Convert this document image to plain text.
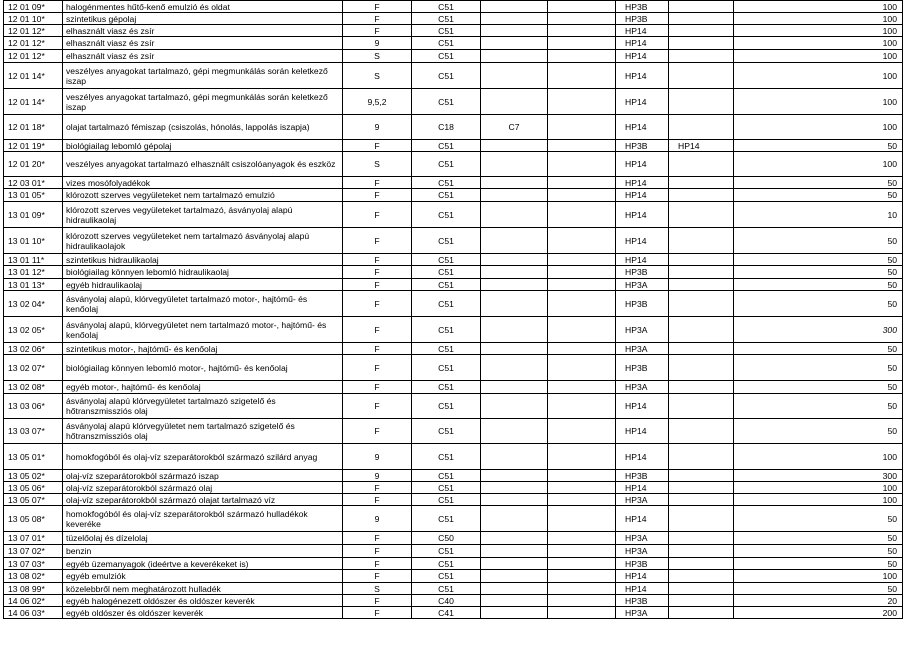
12 01 09*	halogénmentes hűtő-kenő emulzió és oldat	F	C51			HP3B		100
12 01 10*	szintetikus gépolaj	F	C51			HP3B		100
12 01 12*	elhasznált viasz és zsír	F	C51			HP14		100
12 01 12*	elhasznált viasz és zsír	9	C51			HP14		100
12 01 12*	elhasznált viasz és zsír	S	C51			HP14		100
12 01 14*	veszélyes anyagokat tartalmazó, gépi megmunkálás során keletkező iszap	S	C51			HP14		100
12 01 14*	veszélyes anyagokat tartalmazó, gépi megmunkálás során keletkező iszap	9,5,2	C51			HP14		100
12 01 18*	olajat tartalmazó fémiszap (csiszolás, hónolás, lappolás iszapja)	9	C18	C7		HP14		100
12 01 19*	biológiailag lebomló gépolaj	F	C51			HP3B	HP14	50
12 01 20*	veszélyes anyagokat tartalmazó elhasznált csiszolóanyagok és eszköz	S	C51			HP14		100
12 03 01*	vizes mosófolyadékok	F	C51			HP14		50
13 01 05*	klórozott szerves vegyületeket nem tartalmazó emulzió	F	C51			HP14		50
13 01 09*	klórozott szerves vegyületeket tartalmazó, ásványolaj alapú hidraulikaolaj	F	C51			HP14		10
13 01 10*	klórozott szerves vegyületeket nem tartalmazó ásványolaj alapú hidraulikaolajok	F	C51			HP14		50
13 01 11*	szintetikus hidraulikaolaj	F	C51			HP14		50
13 01 12*	biológiailag könnyen lebomló hidraulikaolaj	F	C51			HP3B		50
13 01 13*	egyéb hidraulikaolaj	F	C51			HP3A		50
13 02 04*	ásványolaj alapú, klórvegyületet tartalmazó motor-, hajtómű- és kenőolaj	F	C51			HP3B		50
13 02 05*	ásványolaj alapú, klórvegyületet nem tartalmazó motor-, hajtómű- és kenőolaj	F	C51			HP3A		300
13 02 06*	szintetikus motor-, hajtómű- és kenőolaj	F	C51			HP3A		50
13 02 07*	biológiailag könnyen lebomló motor-, hajtómű- és kenőolaj	F	C51			HP3B		50
13 02 08*	egyéb motor-, hajtómű- és kenőolaj	F	C51			HP3A		50
13 03 06*	ásványolaj alapú klórvegyületet tartalmazó szigetelő és hőtranszmissziós olaj	F	C51			HP14		50
13 03 07*	ásványolaj alapú klórvegyületet nem tartalmazó szigetelő és hőtranszmissziós olaj	F	C51			HP14		50
13 05 01*	homokfogóból és olaj-víz szeparátorokból származó szilárd anyag	9	C51			HP14		100
13 05 02*	olaj-víz szeparátorokból származó iszap	9	C51			HP3B		300
13 05 06*	olaj-víz szeparátorokból származó olaj	F	C51			HP14		100
13 05 07*	olaj-víz szeparátorokból származó olajat tartalmazó víz	F	C51			HP3A		100
13 05 08*	homokfogóból és olaj-víz szeparátorokból származó hulladékok keveréke	9	C51			HP14		50
13 07 01*	tüzelőolaj és dízelolaj	F	C50			HP3A		50
13 07 02*	benzin	F	C51			HP3A		50
13 07 03*	egyéb üzemanyagok (ideértve a keverékeket is)	F	C51			HP3B		50
13 08 02*	egyéb emulziók	F	C51			HP14		100
13 08 99*	közelebbről nem meghatározott hulladék	S	C51			HP14		50
14 06 02*	egyéb halogénezett oldószer és oldószer keverék	F	C40			HP3B		20
14 06 03*	egyéb oldószer és oldószer keverék	F	C41			HP3A		200
